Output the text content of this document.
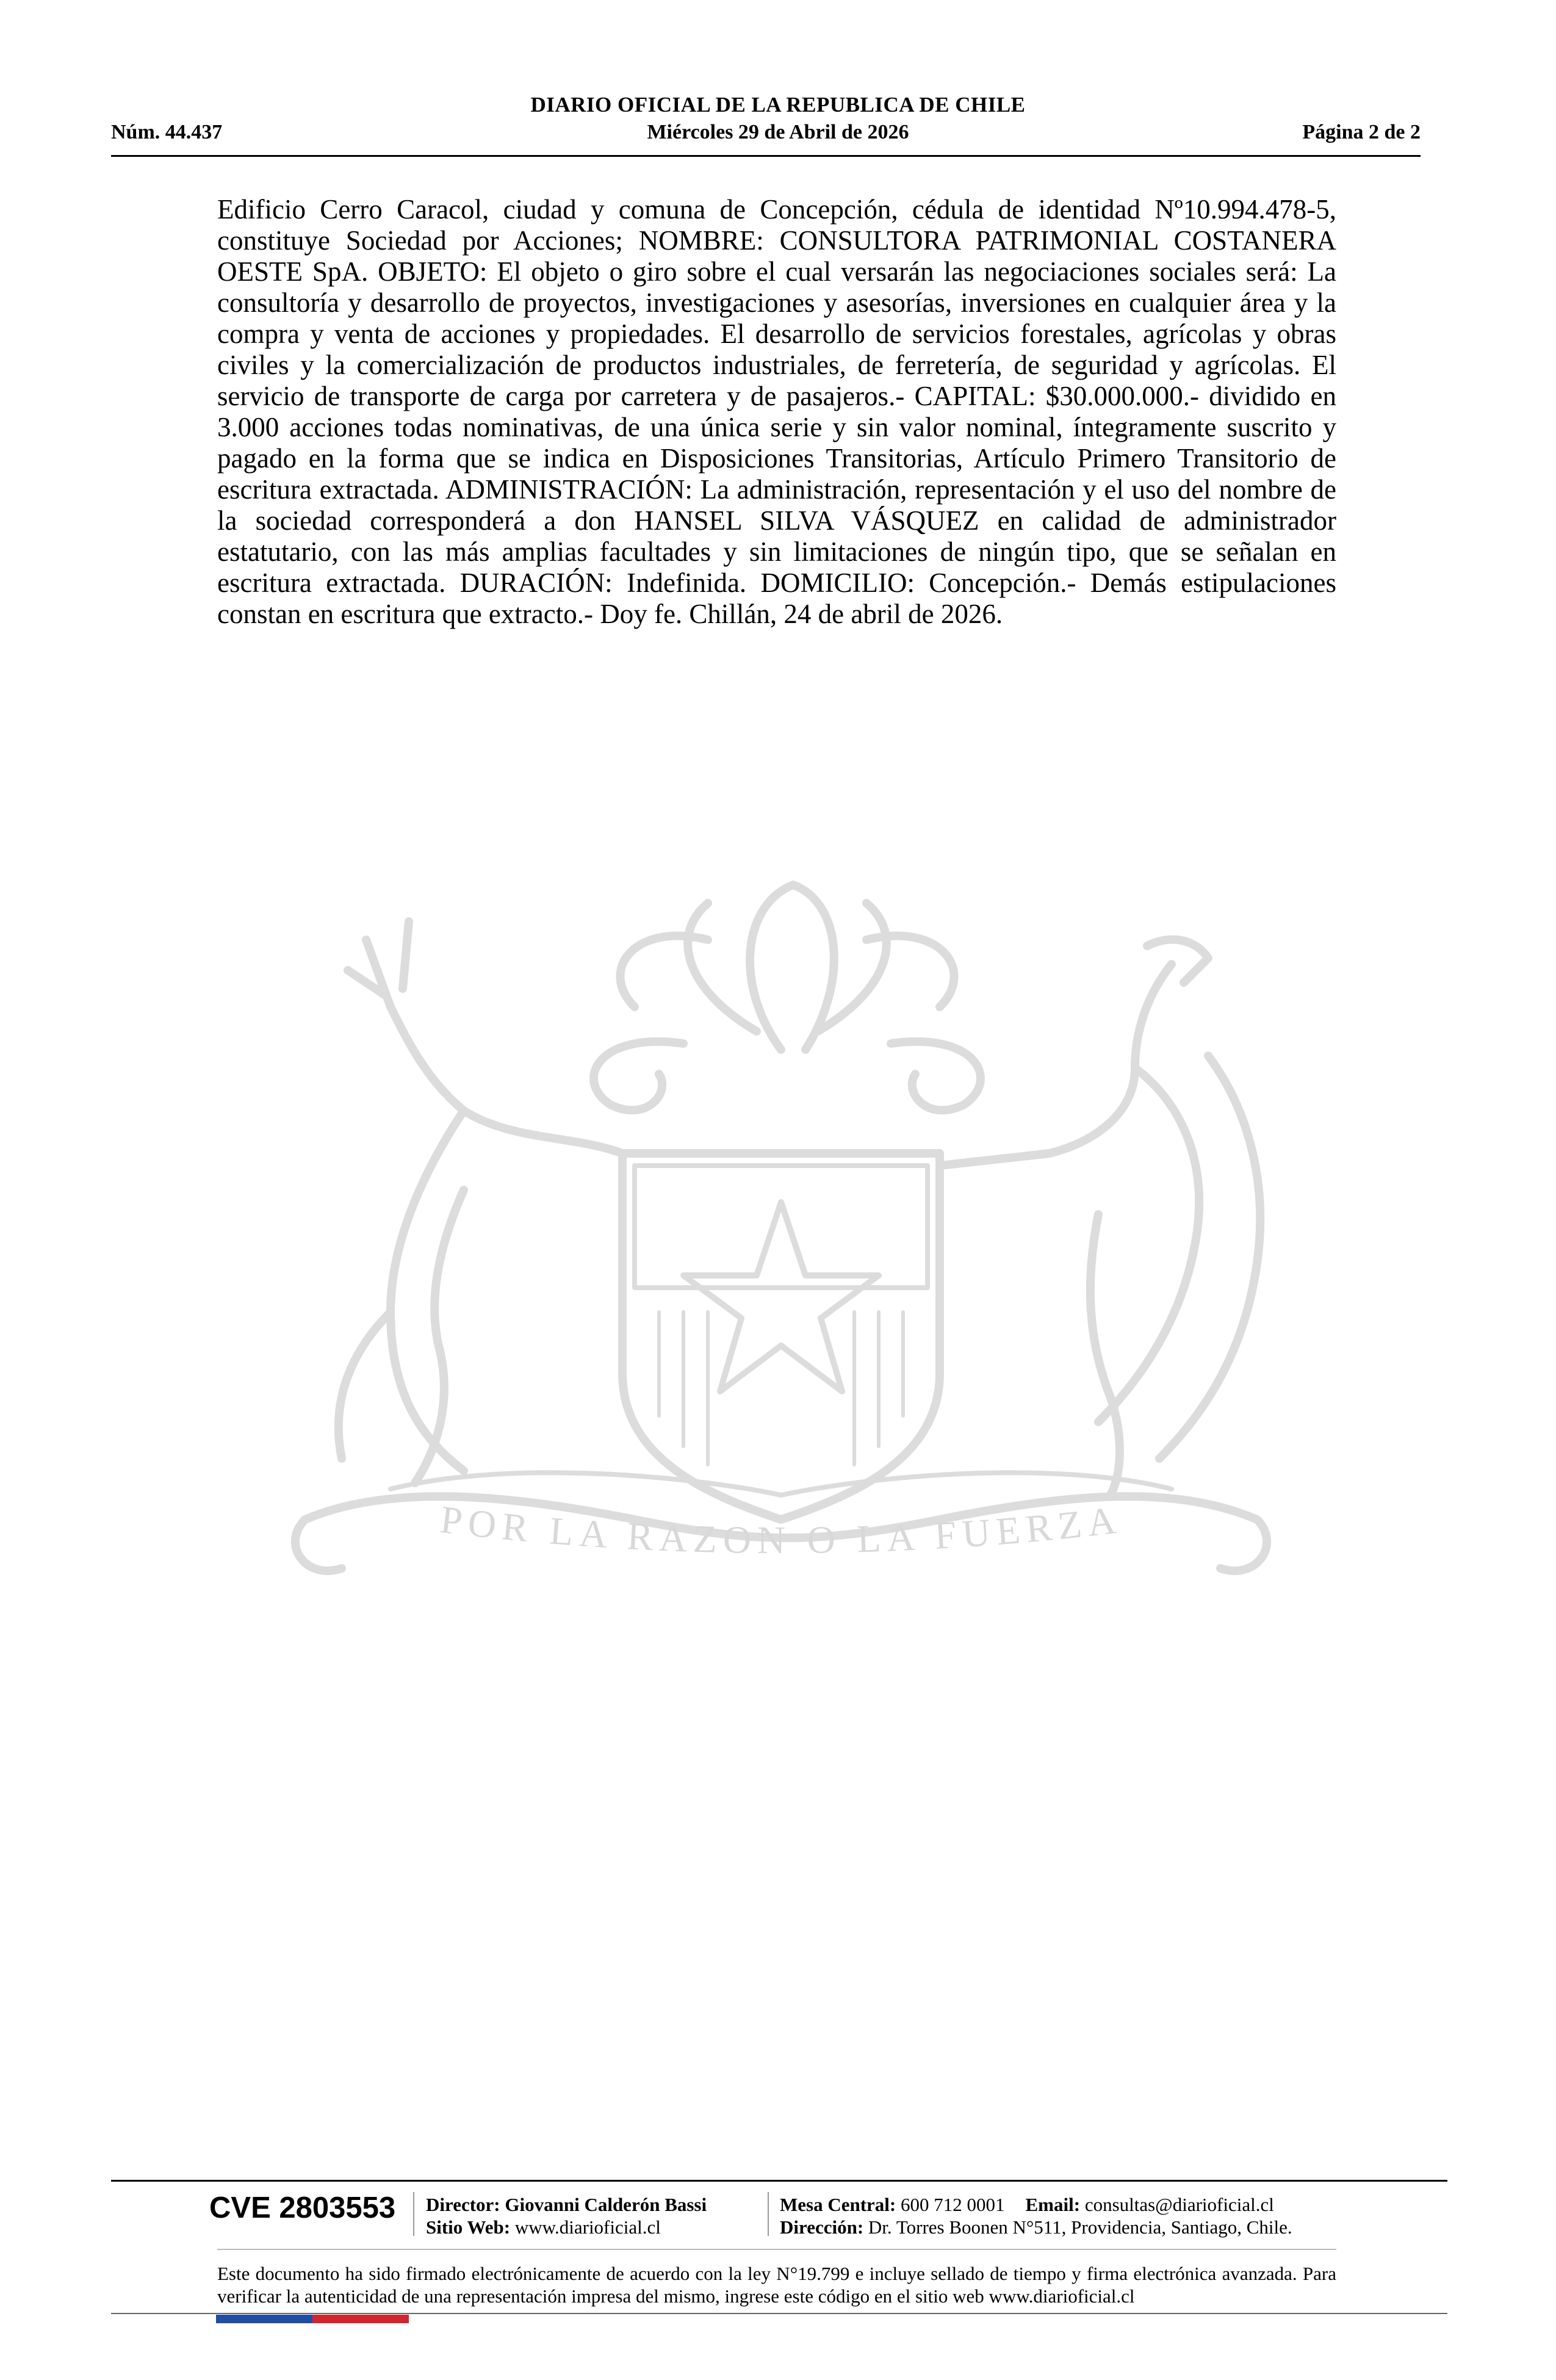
DIARIO OFICIAL DE LA REPUBLICA DE CHILE
Núm. 44.437	Miércoles 29 de Abril de 2026	Página 2 de 2
Edificio Cerro Caracol, ciudad y comuna de Concepción, cédula de identidad Nº10.994.478-5, constituye Sociedad por Acciones; NOMBRE: CONSULTORA PATRIMONIAL COSTANERA OESTE SpA. OBJETO: El objeto o giro sobre el cual versarán las negociaciones sociales será: La consultoría y desarrollo de proyectos, investigaciones y asesorías, inversiones en cualquier área y la compra y venta de acciones y propiedades. El desarrollo de servicios forestales, agrícolas y obras civiles y la comercialización de productos industriales, de ferretería, de seguridad y agrícolas. El servicio de transporte de carga por carretera y de pasajeros.- CAPITAL: $30.000.000.- dividido en 3.000 acciones todas nominativas, de una única serie y sin valor nominal, íntegramente suscrito y pagado en la forma que se indica en Disposiciones Transitorias, Artículo Primero Transitorio de escritura extractada. ADMINISTRACIÓN: La administración, representación y el uso del nombre de la sociedad corresponderá a don HANSEL SILVA VÁSQUEZ en calidad de administrador estatutario, con las más amplias facultades y sin limitaciones de ningún tipo, que se señalan en escritura extractada. DURACIÓN: Indefinida. DOMICILIO: Concepción.- Demás estipulaciones constan en escritura que extracto.- Doy fe. Chillán, 24 de abril de 2026.
POR LA RAZON O LA FUERZA
CVE 2803553 Director: Giovanni Calderón Bassi
Sitio Web: www.diarioficial.cl
Mesa Central: 600 712 0001 Email: consultas@diarioficial.cl
Dirección: Dr. Torres Boonen N°511, Providencia, Santiago, Chile.
Este documento ha sido firmado electrónicamente de acuerdo con la ley N°19.799 e incluye sellado de tiempo y firma electrónica avanzada. Para verificar la autenticidad de una representación impresa del mismo, ingrese este código en el sitio web www.diarioficial.cl
